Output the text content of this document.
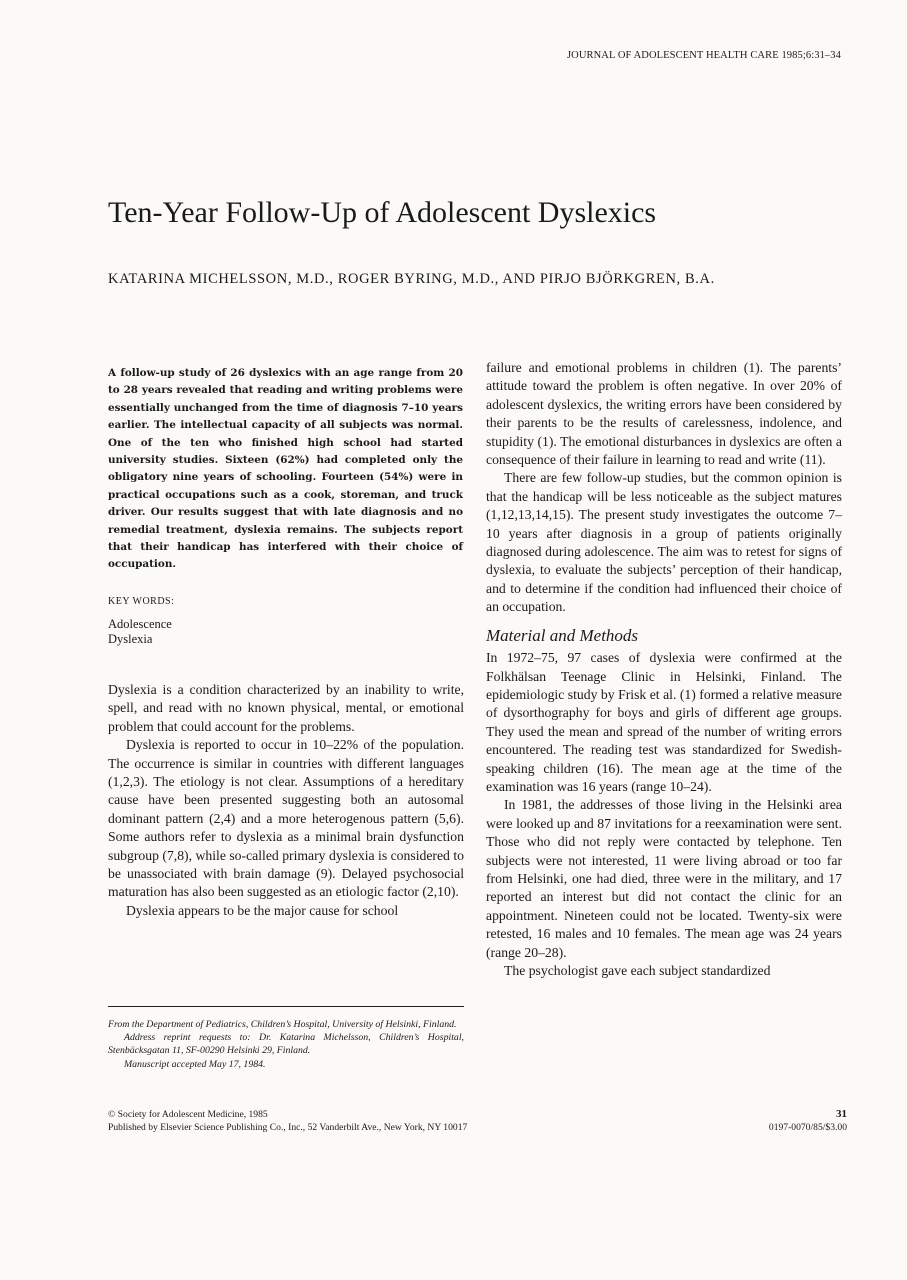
JOURNAL OF ADOLESCENT HEALTH CARE 1985;6:31–34
Ten-Year Follow-Up of Adolescent Dyslexics

KATARINA MICHELSSON, M.D., ROGER BYRING, M.D., AND PIRJO BJÖRKGREN, B.A.

A follow-up study of 26 dyslexics with an age range from 20 to 28 years revealed that reading and writing problems were essentially unchanged from the time of diagnosis 7–10 years earlier. The intellectual capacity of all subjects was normal. One of the ten who finished high school had started university studies. Sixteen (62%) had completed only the obligatory nine years of schooling. Fourteen (54%) were in practical occupations such as a cook, storeman, and truck driver. Our results suggest that with late diagnosis and no remedial treatment, dyslexia remains. The subjects report that their handicap has interfered with their choice of occupation.

KEY WORDS:
Adolescence
Dyslexia

Dyslexia is a condition characterized by an inability to write, spell, and read with no known physical, mental, or emotional problem that could account for the problems.

Dyslexia is reported to occur in 10–22% of the population. The occurrence is similar in countries with different languages (1,2,3). The etiology is not clear. Assumptions of a hereditary cause have been presented suggesting both an autosomal dominant pattern (2,4) and a more heterogenous pattern (5,6). Some authors refer to dyslexia as a minimal brain dysfunction subgroup (7,8), while so-called primary dyslexia is considered to be unassociated with brain damage (9). Delayed psychosocial maturation has also been suggested as an etiologic factor (2,10).

Dyslexia appears to be the major cause for school

failure and emotional problems in children (1). The parents’ attitude toward the problem is often negative. In over 20% of adolescent dyslexics, the writing errors have been considered by their parents to be the results of carelessness, indolence, and stupidity (1). The emotional disturbances in dyslexics are often a consequence of their failure in learning to read and write (11).

There are few follow-up studies, but the common opinion is that the handicap will be less noticeable as the subject matures (1,12,13,14,15). The present study investigates the outcome 7–10 years after diagnosis in a group of patients originally diagnosed during adolescence. The aim was to retest for signs of dyslexia, to evaluate the subjects’ perception of their handicap, and to determine if the condition had influenced their choice of an occupation.

Material and Methods

In 1972–75, 97 cases of dyslexia were confirmed at the Folkhälsan Teenage Clinic in Helsinki, Finland. The epidemiologic study by Frisk et al. (1) formed a relative measure of dysorthography for boys and girls of different age groups. They used the mean and spread of the number of writing errors encountered. The reading test was standardized for Swedish-speaking children (16). The mean age at the time of the examination was 16 years (range 10–24).

In 1981, the addresses of those living in the Helsinki area were looked up and 87 invitations for a reexamination were sent. Those who did not reply were contacted by telephone. Ten subjects were not interested, 11 were living abroad or too far from Helsinki, one had died, three were in the military, and 17 reported an interest but did not contact the clinic for an appointment. Nineteen could not be located. Twenty-six were retested, 16 males and 10 females. The mean age was 24 years (range 20–28).

The psychologist gave each subject standardized

From the Department of Pediatrics, Children’s Hospital, University of Helsinki, Finland.

Address reprint requests to: Dr. Katarina Michelsson, Children’s Hospital, Stenbäcksgatan 11, SF-00290 Helsinki 29, Finland.

Manuscript accepted May 17, 1984.

© Society for Adolescent Medicine, 1985
Published by Elsevier Science Publishing Co., Inc., 52 Vanderbilt Ave., New York, NY 10017
31
0197-0070/85/$3.00
